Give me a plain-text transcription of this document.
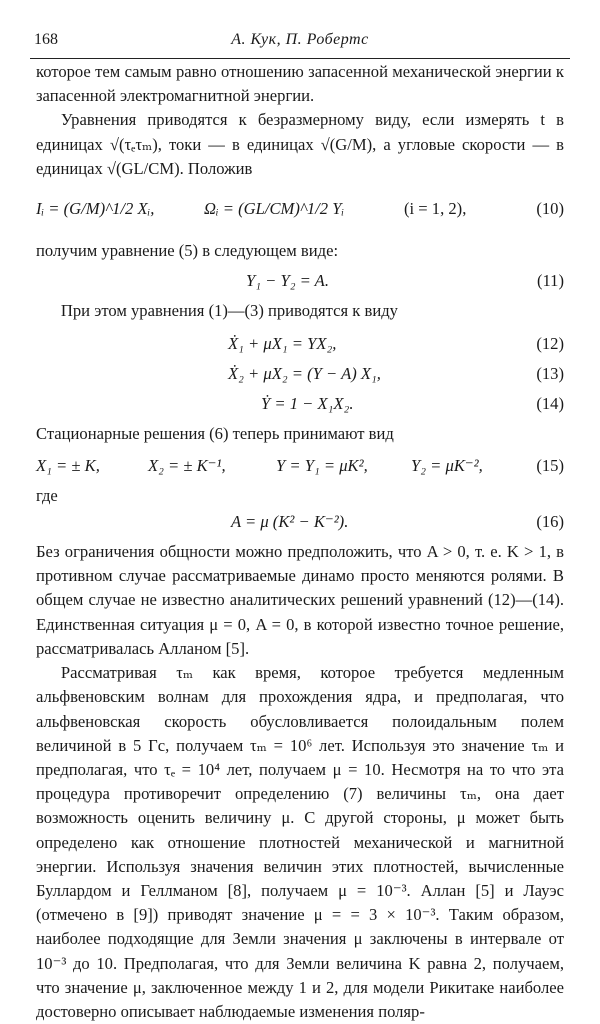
168	А. Кук, П. Робертс

которое тем самым равно отношению запасенной механической энергии к запасенной электромагнитной энергии.

Уравнения приводятся к безразмерному виду, если измерять t в единицах √(τₑτₘ), токи — в единицах √(G/M), а угловые скорости — в единицах √(GL/CM). Положив

Iᵢ = (G/M)^1/2 Xᵢ,	Ωᵢ = (GL/CM)^1/2 Yᵢ	(i = 1, 2),	(10)

получим уравнение (5) в следующем виде:

Y₁ − Y₂ = A.	(11)

При этом уравнения (1)—(3) приводятся к виду

Ẋ₁ + μX₁ = YX₂,	(12)
Ẋ₂ + μX₂ = (Y − A) X₁,	(13)
Ẏ = 1 − X₁X₂.	(14)

Стационарные решения (6) теперь принимают вид

X₁ = ± K,	X₂ = ± K⁻¹,	Y = Y₁ = μK²,	Y₂ = μK⁻²,	(15)

где

A = μ (K² − K⁻²).	(16)

Без ограничения общности можно предположить, что A > 0, т. е. K > 1, в противном случае рассматриваемые динамо просто меняются ролями. В общем случае не известно аналитических решений уравнений (12)—(14). Единственная ситуация μ = 0, A = 0, в которой известно точное решение, рассматривалась Алланом [5].

Рассматривая τₘ как время, которое требуется медленным альфвеновским волнам для прохождения ядра, и предполагая, что альфвеновская скорость обусловливается полоидальным полем величиной в 5 Гс, получаем τₘ = 10⁶ лет. Используя это значение τₘ и предполагая, что τₑ = 10⁴ лет, получаем μ = 10. Несмотря на то что эта процедура противоречит определению (7) величины τₘ, она дает возможность оценить величину μ. С другой стороны, μ может быть определено как отношение плотностей механической и магнитной энергии. Используя значения величин этих плотностей, вычисленные Буллардом и Геллманом [8], получаем μ = 10⁻³. Аллан [5] и Лауэс (отмечено в [9]) приводят значение μ = = 3 × 10⁻³. Таким образом, наиболее подходящие для Земли значения μ заключены в интервале от 10⁻³ до 10. Предполагая, что для Земли величина K равна 2, получаем, что значение μ, заключенное между 1 и 2, для модели Рикитаке наиболее достоверно описывает наблюдаемые изменения поляр-
